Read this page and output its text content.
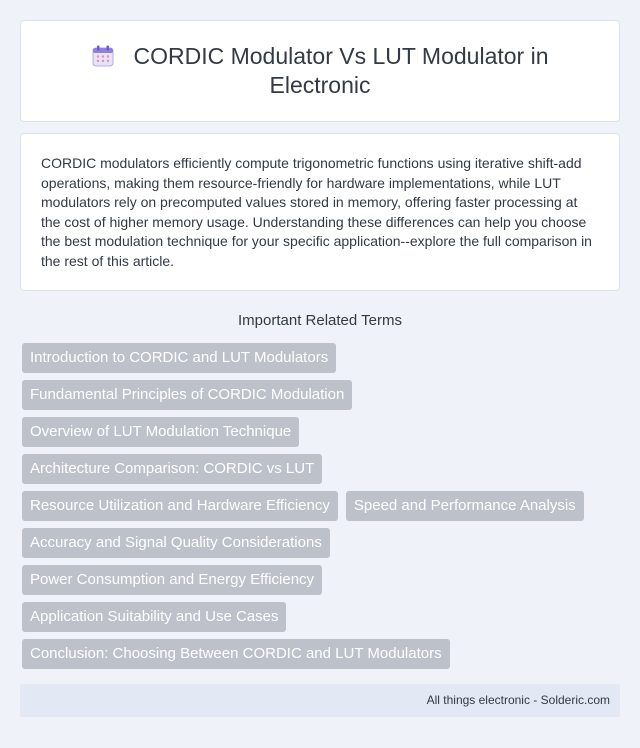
CORDIC Modulator Vs LUT Modulator in Electronic

CORDIC modulators efficiently compute trigonometric functions using iterative shift-add operations, making them resource-friendly for hardware implementations, while LUT modulators rely on precomputed values stored in memory, offering faster processing at the cost of higher memory usage. Understanding these differences can help you choose the best modulation technique for your specific application--explore the full comparison in the rest of this article.

Important Related Terms
Introduction to CORDIC and LUT Modulators
Fundamental Principles of CORDIC Modulation
Overview of LUT Modulation Technique
Architecture Comparison: CORDIC vs LUT
Resource Utilization and Hardware Efficiency	Speed and Performance Analysis
Accuracy and Signal Quality Considerations
Power Consumption and Energy Efficiency
Application Suitability and Use Cases
Conclusion: Choosing Between CORDIC and LUT Modulators
All things electronic - Solderic.com
